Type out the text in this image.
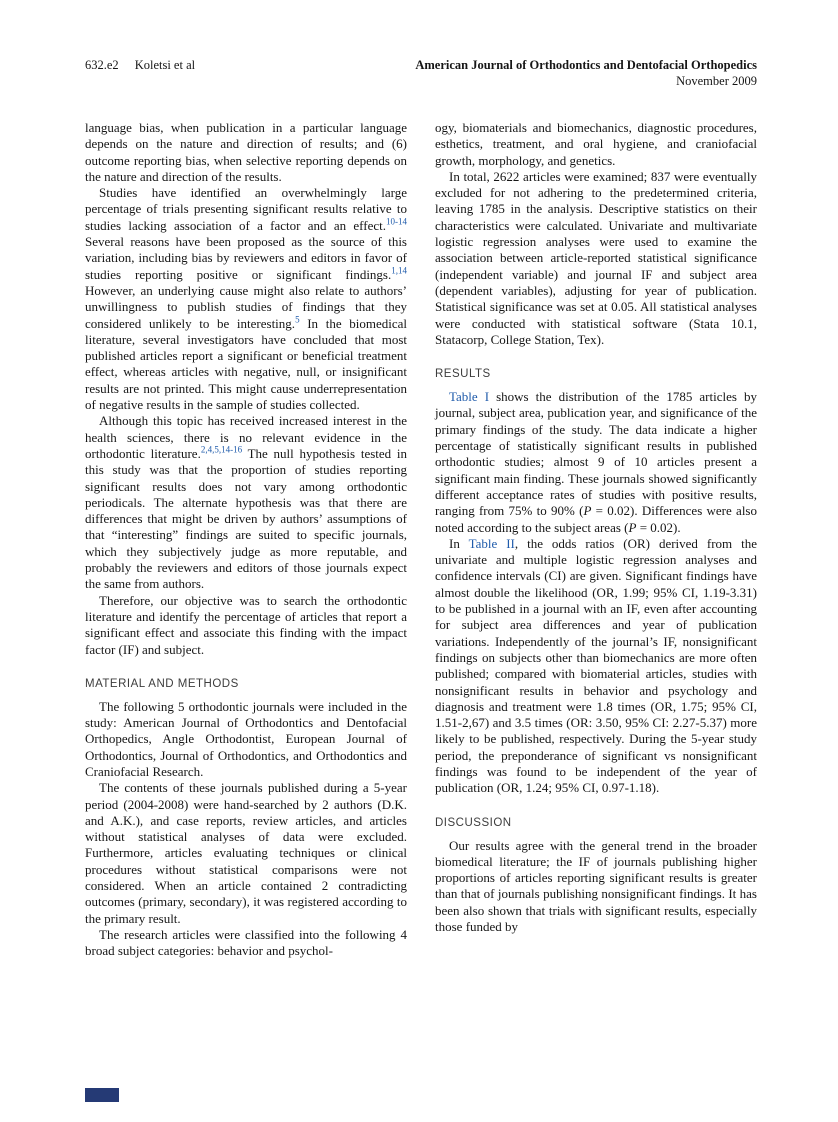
632.e2 Koletsi et al	American Journal of Orthodontics and Dentofacial Orthopedics
November 2009

language bias, when publication in a particular language depends on the nature and direction of results; and (6) outcome reporting bias, when selective reporting depends on the nature and direction of the results.

Studies have identified an overwhelmingly large percentage of trials presenting significant results relative to studies lacking association of a factor and an effect.$^{10-14}$ Several reasons have been proposed as the source of this variation, including bias by reviewers and editors in favor of studies reporting positive or significant findings.$^{1,14}$ However, an underlying cause might also relate to authors’ unwillingness to publish studies of findings that they considered unlikely to be interesting.$^5$ In the biomedical literature, several investigators have concluded that most published articles report a significant or beneficial treatment effect, whereas articles with negative, null, or insignificant results are not printed. This might cause underrepresentation of negative results in the sample of studies collected.

Although this topic has received increased interest in the health sciences, there is no relevant evidence in the orthodontic literature.$^{2,4,5,14-16}$ The null hypothesis tested in this study was that the proportion of studies reporting significant results does not vary among orthodontic periodicals. The alternate hypothesis was that there are differences that might be driven by authors’ assumptions of that “interesting” findings are suited to specific journals, which they subjectively judge as more reputable, and probably the reviewers and editors of those journals expect the same from authors.

Therefore, our objective was to search the orthodontic literature and identify the percentage of articles that report a significant effect and associate this finding with the impact factor (IF) and subject.

MATERIAL AND METHODS

The following 5 orthodontic journals were included in the study: American Journal of Orthodontics and Dentofacial Orthopedics, Angle Orthodontist, European Journal of Orthodontics, Journal of Orthodontics, and Orthodontics and Craniofacial Research.

The contents of these journals published during a 5-year period (2004-2008) were hand-searched by 2 authors (D.K. and A.K.), and case reports, review articles, and articles without statistical analyses of data were excluded. Furthermore, articles evaluating techniques or clinical procedures without statistical comparisons were not considered. When an article contained 2 contradicting outcomes (primary, secondary), it was registered according to the primary result.

The research articles were classified into the following 4 broad subject categories: behavior and psychol-

ogy, biomaterials and biomechanics, diagnostic procedures, esthetics, treatment, and oral hygiene, and craniofacial growth, morphology, and genetics.

In total, 2622 articles were examined; 837 were eventually excluded for not adhering to the predetermined criteria, leaving 1785 in the analysis. Descriptive statistics on their characteristics were calculated. Univariate and multivariate logistic regression analyses were used to examine the association between article-reported statistical significance (independent variable) and journal IF and subject area (dependent variables), adjusting for year of publication. Statistical significance was set at 0.05. All statistical analyses were conducted with statistical software (Stata 10.1, Statacorp, College Station, Tex).

RESULTS

Table I shows the distribution of the 1785 articles by journal, subject area, publication year, and significance of the primary findings of the study. The data indicate a higher percentage of statistically significant results in published orthodontic studies; almost 9 of 10 articles present a significant main finding. These journals showed significantly different acceptance rates of studies with positive results, ranging from 75% to 90% (P = 0.02). Differences were also noted according to the subject areas (P = 0.02).

In Table II, the odds ratios (OR) derived from the univariate and multiple logistic regression analyses and confidence intervals (CI) are given. Significant findings have almost double the likelihood (OR, 1.99; 95% CI, 1.19-3.31) to be published in a journal with an IF, even after accounting for subject area differences and year of publication variations. Independently of the journal’s IF, nonsignificant findings on subjects other than biomechanics are more often published; compared with biomaterial articles, studies with nonsignificant results in behavior and psychology and diagnosis and treatment were 1.8 times (OR, 1.75; 95% CI, 1.51-2,67) and 3.5 times (OR: 3.50, 95% CI: 2.27-5.37) more likely to be published, respectively. During the 5-year study period, the preponderance of significant vs nonsignificant findings was found to be independent of the year of publication (OR, 1.24; 95% CI, 0.97-1.18).

DISCUSSION

Our results agree with the general trend in the broader biomedical literature; the IF of journals publishing higher proportions of articles reporting significant results is greater than that of journals publishing nonsignificant findings. It has been also shown that trials with significant results, especially those funded by
